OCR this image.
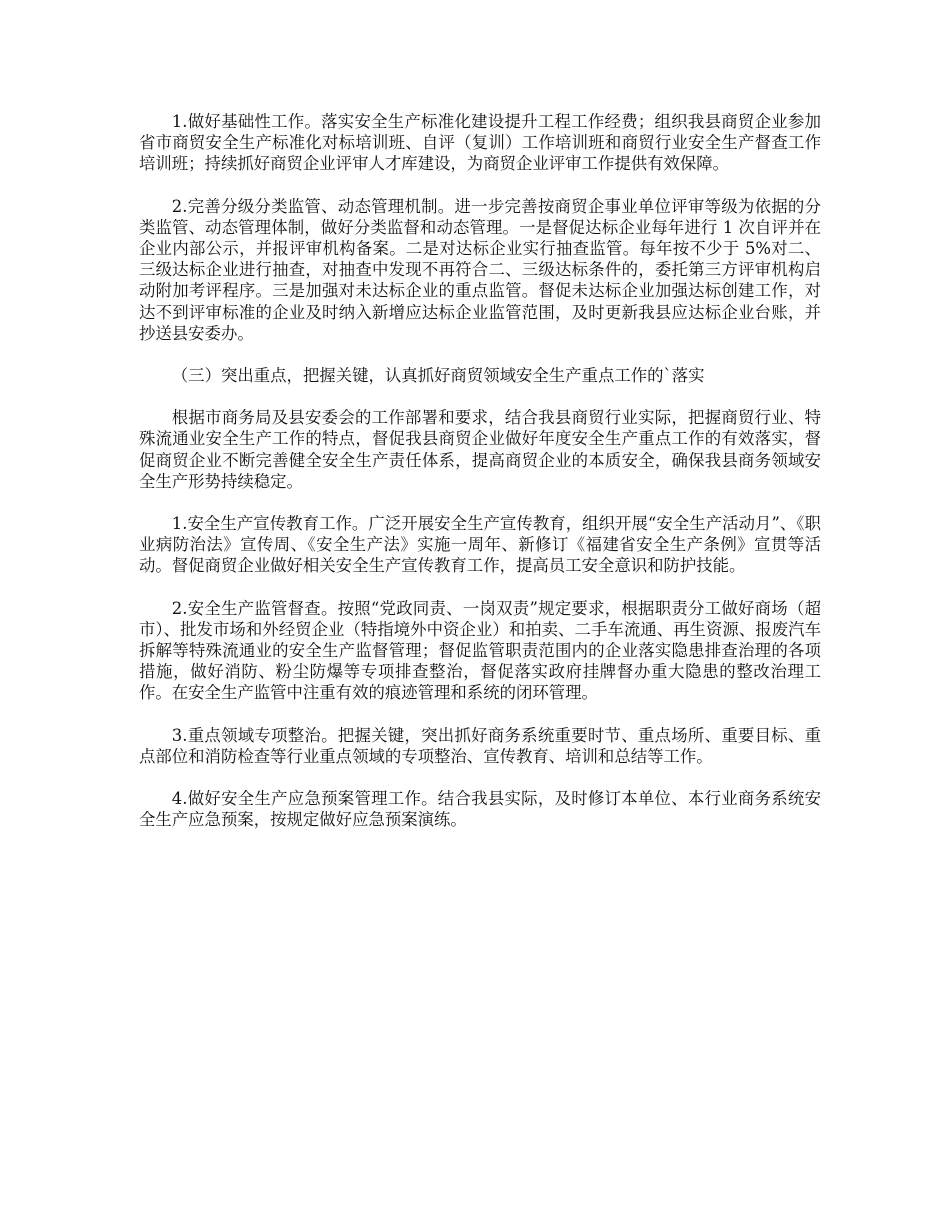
1.做好基础性工作。落实安全生产标准化建设提升工程工作经费；组织我县商贸企业参加省市商贸安全生产标准化对标培训班、自评（复训）工作培训班和商贸行业安全生产督查工作培训班；持续抓好商贸企业评审人才库建设，为商贸企业评审工作提供有效保障。

2.完善分级分类监管、动态管理机制。进一步完善按商贸企事业单位评审等级为依据的分类监管、动态管理体制，做好分类监督和动态管理。一是督促达标企业每年进行 1 次自评并在企业内部公示，并报评审机构备案。二是对达标企业实行抽查监管。每年按不少于 5%对二、三级达标企业进行抽查，对抽查中发现不再符合二、三级达标条件的，委托第三方评审机构启动附加考评程序。三是加强对未达标企业的重点监管。督促未达标企业加强达标创建工作，对达不到评审标准的企业及时纳入新增应达标企业监管范围，及时更新我县应达标企业台账，并抄送县安委办。

（三）突出重点，把握关键，认真抓好商贸领域安全生产重点工作的`落实

根据市商务局及县安委会的工作部署和要求，结合我县商贸行业实际，把握商贸行业、特殊流通业安全生产工作的特点，督促我县商贸企业做好年度安全生产重点工作的有效落实，督促商贸企业不断完善健全安全生产责任体系，提高商贸企业的本质安全，确保我县商务领域安全生产形势持续稳定。

1.安全生产宣传教育工作。广泛开展安全生产宣传教育，组织开展“安全生产活动月”、《职业病防治法》宣传周、《安全生产法》实施一周年、新修订《福建省安全生产条例》宣贯等活动。督促商贸企业做好相关安全生产宣传教育工作，提高员工安全意识和防护技能。

2.安全生产监管督查。按照“党政同责、一岗双责”规定要求，根据职责分工做好商场（超市）、批发市场和外经贸企业（特指境外中资企业）和拍卖、二手车流通、再生资源、报废汽车拆解等特殊流通业的安全生产监督管理；督促监管职责范围内的企业落实隐患排查治理的各项措施，做好消防、粉尘防爆等专项排查整治，督促落实政府挂牌督办重大隐患的整改治理工作。在安全生产监管中注重有效的痕迹管理和系统的闭环管理。

3.重点领域专项整治。把握关键，突出抓好商务系统重要时节、重点场所、重要目标、重点部位和消防检查等行业重点领域的专项整治、宣传教育、培训和总结等工作。

4.做好安全生产应急预案管理工作。结合我县实际，及时修订本单位、本行业商务系统安全生产应急预案，按规定做好应急预案演练。
